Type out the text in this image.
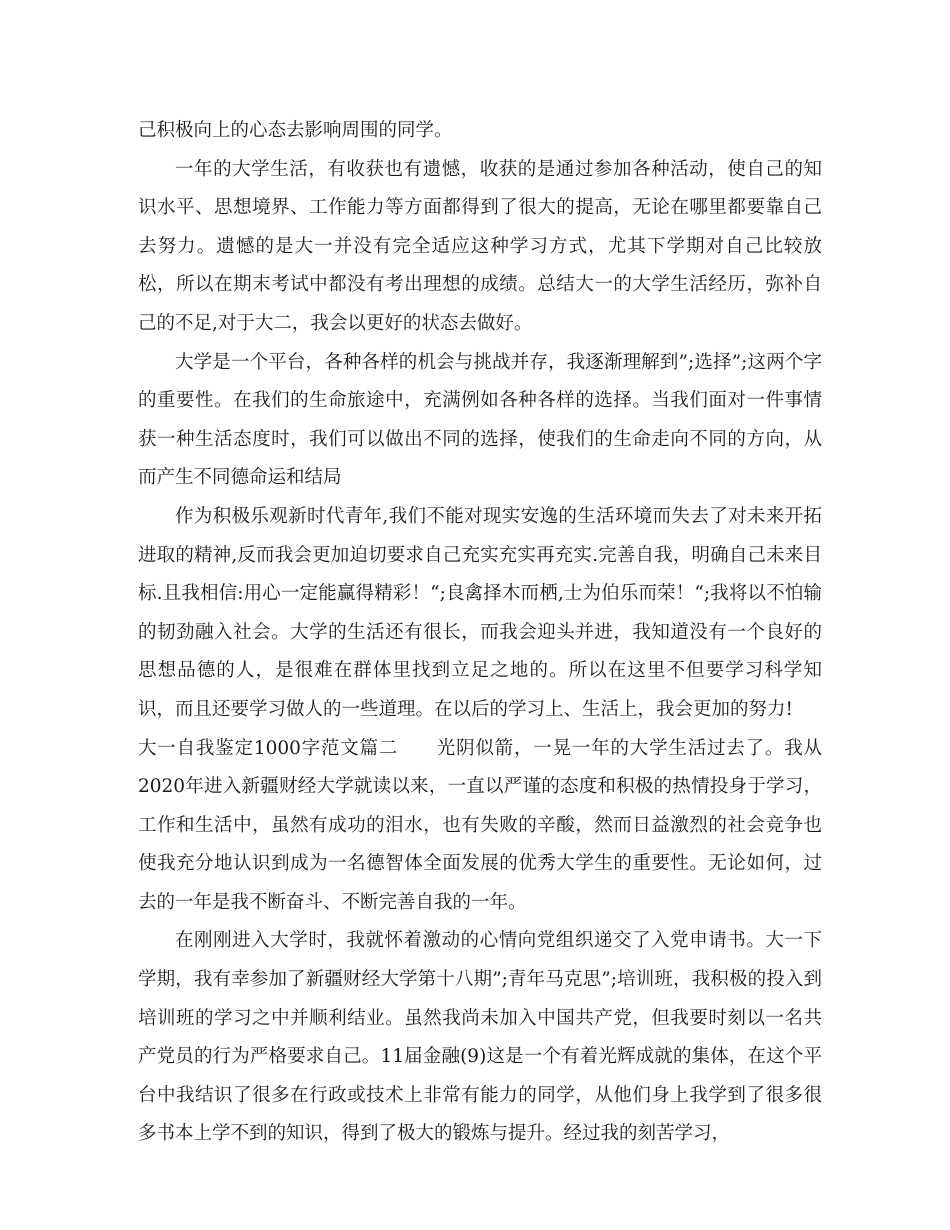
己积极向上的心态去影响周围的同学。

一年的大学生活，有收获也有遗憾，收获的是通过参加各种活动，使自己的知识水平、思想境界、工作能力等方面都得到了很大的提高，无论在哪里都要靠自己去努力。遗憾的是大一并没有完全适应这种学习方式，尤其下学期对自己比较放松，所以在期末考试中都没有考出理想的成绩。总结大一的大学生活经历，弥补自己的不足,对于大二，我会以更好的状态去做好。

大学是一个平台，各种各样的机会与挑战并存，我逐渐理解到”;选择”;这两个字的重要性。在我们的生命旅途中，充满例如各种各样的选择。当我们面对一件事情获一种生活态度时，我们可以做出不同的选择，使我们的生命走向不同的方向，从而产生不同德命运和结局

作为积极乐观新时代青年,我们不能对现实安逸的生活环境而失去了对未来开拓进取的精神,反而我会更加迫切要求自己充实充实再充实.完善自我，明确自己未来目标.且我相信:用心一定能赢得精彩！“;良禽择木而栖,士为伯乐而荣！“;我将以不怕输的韧劲融入社会。大学的生活还有很长，而我会迎头并进，我知道没有一个良好的思想品德的人，是很难在群体里找到立足之地的。所以在这里不但要学习科学知识，而且还要学习做人的一些道理。在以后的学习上、生活上，我会更加的努力!

大一自我鉴定1000字范文篇二　　光阴似箭，一晃一年的大学生活过去了。我从2020年进入新疆财经大学就读以来，一直以严谨的态度和积极的热情投身于学习，工作和生活中，虽然有成功的泪水，也有失败的辛酸，然而日益激烈的社会竞争也使我充分地认识到成为一名德智体全面发展的优秀大学生的重要性。无论如何，过去的一年是我不断奋斗、不断完善自我的一年。

在刚刚进入大学时，我就怀着激动的心情向党组织递交了入党申请书。大一下学期，我有幸参加了新疆财经大学第十八期”;青年马克思”;培训班，我积极的投入到培训班的学习之中并顺利结业。虽然我尚未加入中国共产党，但我要时刻以一名共产党员的行为严格要求自己。11届金融(9)这是一个有着光辉成就的集体，在这个平台中我结识了很多在行政或技术上非常有能力的同学，从他们身上我学到了很多很多书本上学不到的知识，得到了极大的锻炼与提升。经过我的刻苦学习，
